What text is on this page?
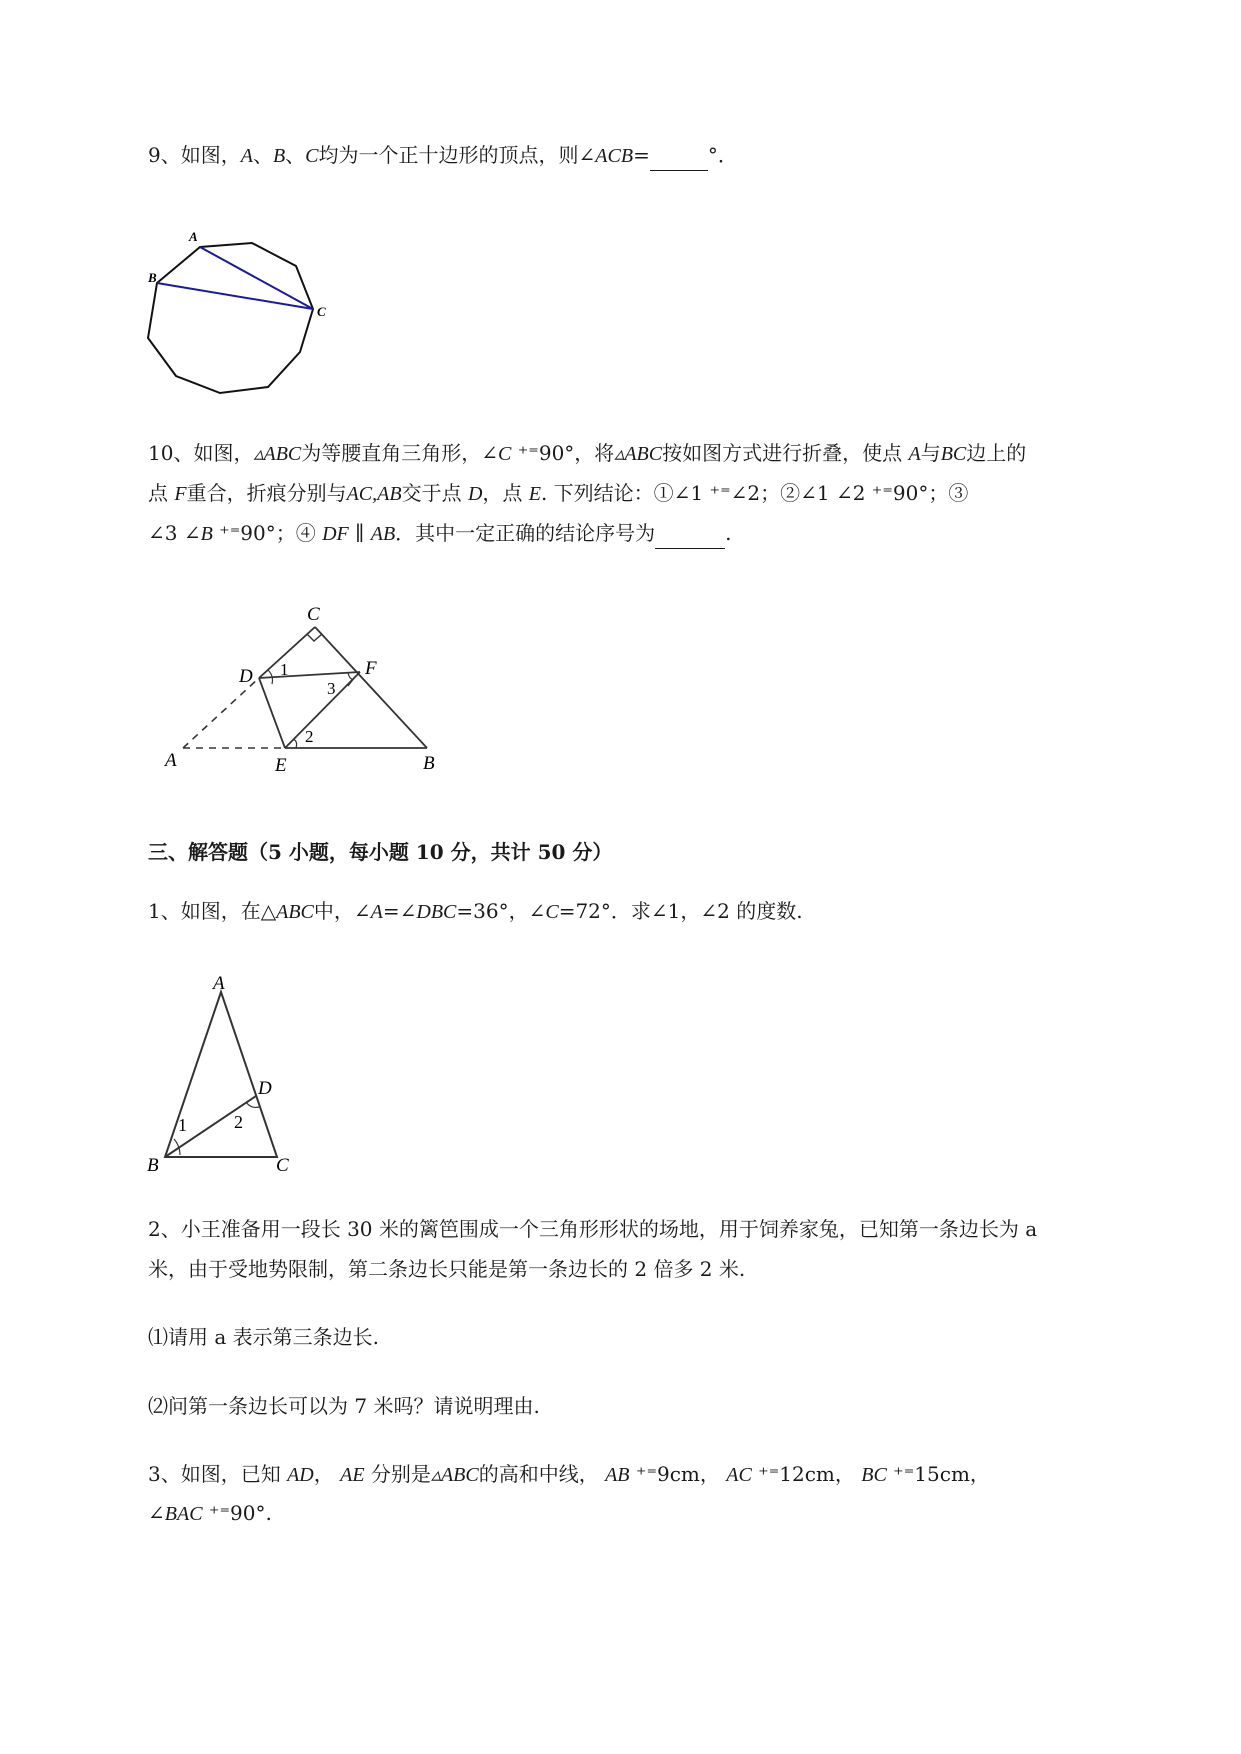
9、如图，A、B、C均为一个正十边形的顶点，则∠ACB=	°．
A
B
C
10、如图，▵ABC为等腰直角三角形，∠C ⁺⁼90°，将▵ABC按如图方式进行折叠，使点 A与BC边上的
点 F重合，折痕分别与AC,AB交于点 D，点 E. 下列结论：①∠1 ⁺⁼∠2；②∠1 ∠2 ⁺⁼90°；③
∠3 ∠B ⁺⁼90°；④ DF ∥ AB．其中一定正确的结论序号为	.
C
D	F
A	E	B
1
3
2
三、解答题（5 小题，每小题 10 分，共计 50 分）
1、如图，在△ABC中，∠A=∠DBC=36°，∠C=72°．求∠1，∠2 的度数.
A
D
B	C
1	2
2、小王准备用一段长 30 米的篱笆围成一个三角形形状的场地，用于饲养家兔，已知第一条边长为 a
米，由于受地势限制，第二条边长只能是第一条边长的 2 倍多 2 米.
⑴请用 a 表示第三条边长.
⑵问第一条边长可以为 7 米吗？请说明理由.
3、如图，已知 AD， AE 分别是▵ABC的高和中线， AB ⁺⁼9cm， AC ⁺⁼12cm， BC ⁺⁼15cm，
∠BAC ⁺⁼90°.
